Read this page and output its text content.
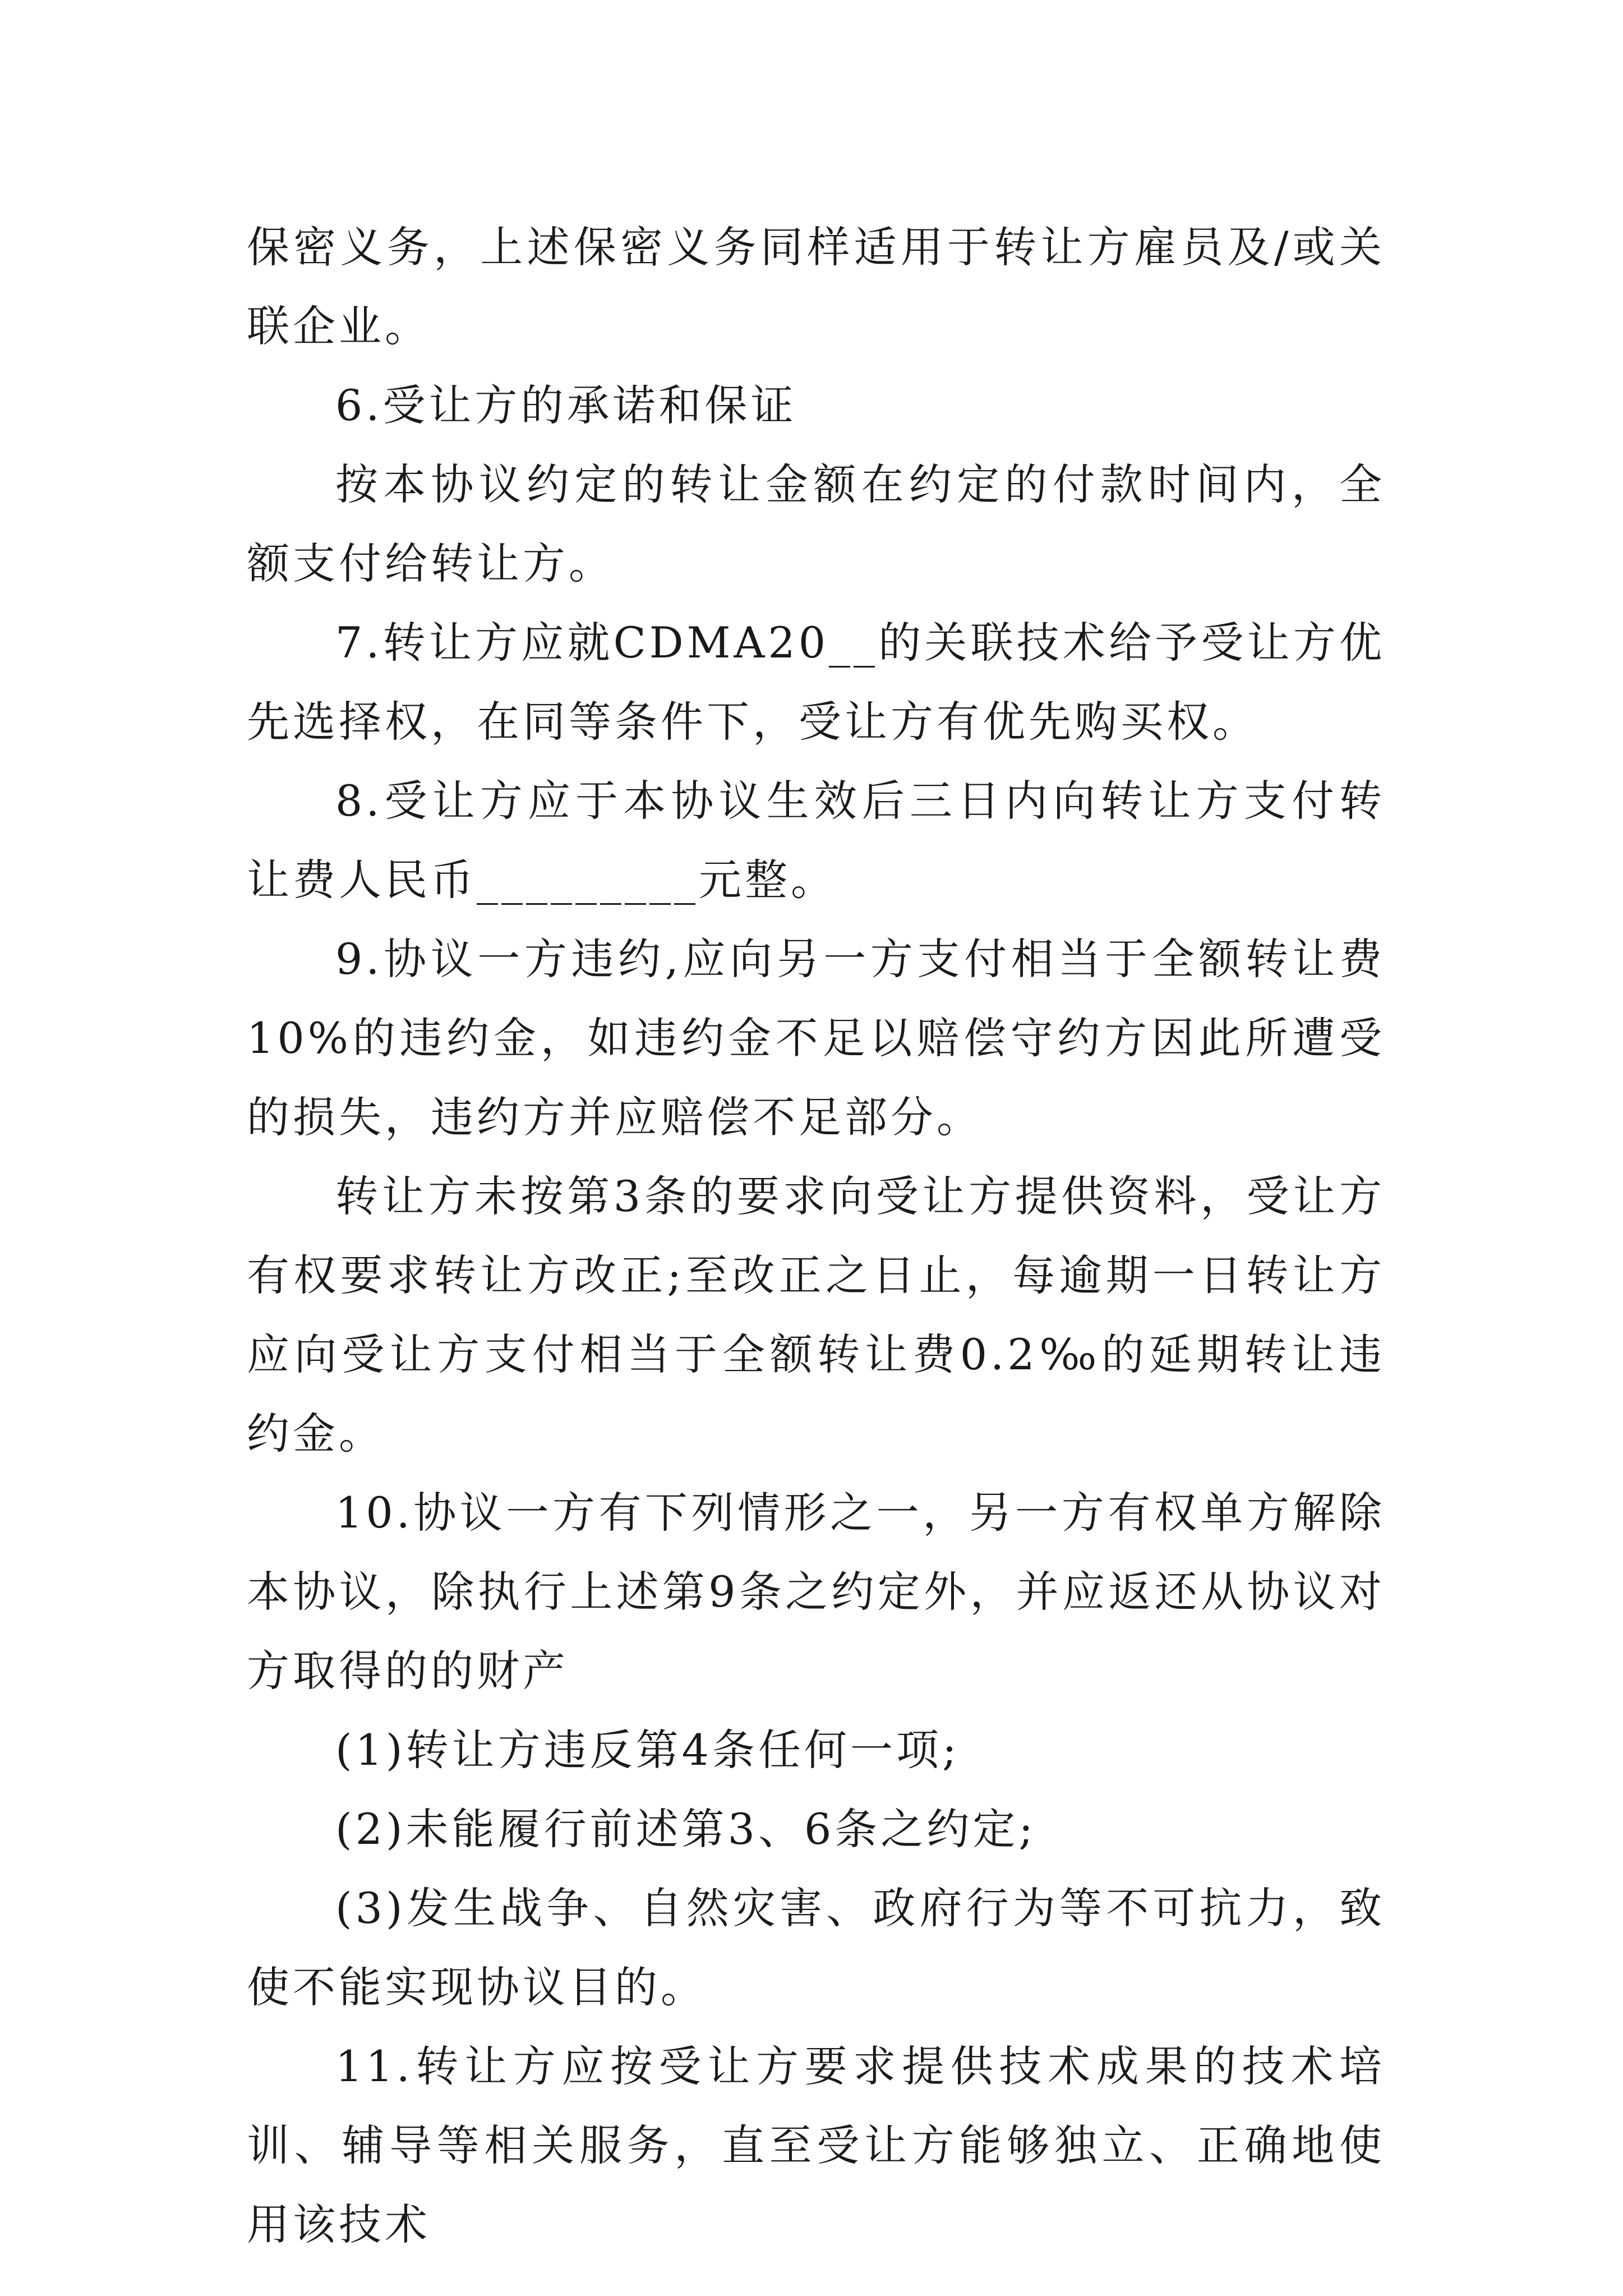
保密义务，上述保密义务同样适用于转让方雇员及/或关联企业。

6.受让方的承诺和保证

按本协议约定的转让金额在约定的付款时间内，全额支付给转让方。

7.转让方应就CDMA20__的关联技术给予受让方优先选择权，在同等条件下，受让方有优先购买权。

8.受让方应于本协议生效后三日内向转让方支付转让费人民币_________元整。

9.协议一方违约,应向另一方支付相当于全额转让费10%的违约金，如违约金不足以赔偿守约方因此所遭受的损失，违约方并应赔偿不足部分。

转让方未按第3条的要求向受让方提供资料，受让方有权要求转让方改正;至改正之日止，每逾期一日转让方应向受让方支付相当于全额转让费0.2‰的延期转让违约金。

10.协议一方有下列情形之一，另一方有权单方解除本协议，除执行上述第9条之约定外，并应返还从协议对方取得的的财产

(1)转让方违反第4条任何一项;

(2)未能履行前述第3、6条之约定;

(3)发生战争、自然灾害、政府行为等不可抗力，致使不能实现协议目的。

11.转让方应按受让方要求提供技术成果的技术培训、辅导等相关服务，直至受让方能够独立、正确地使用该技术
